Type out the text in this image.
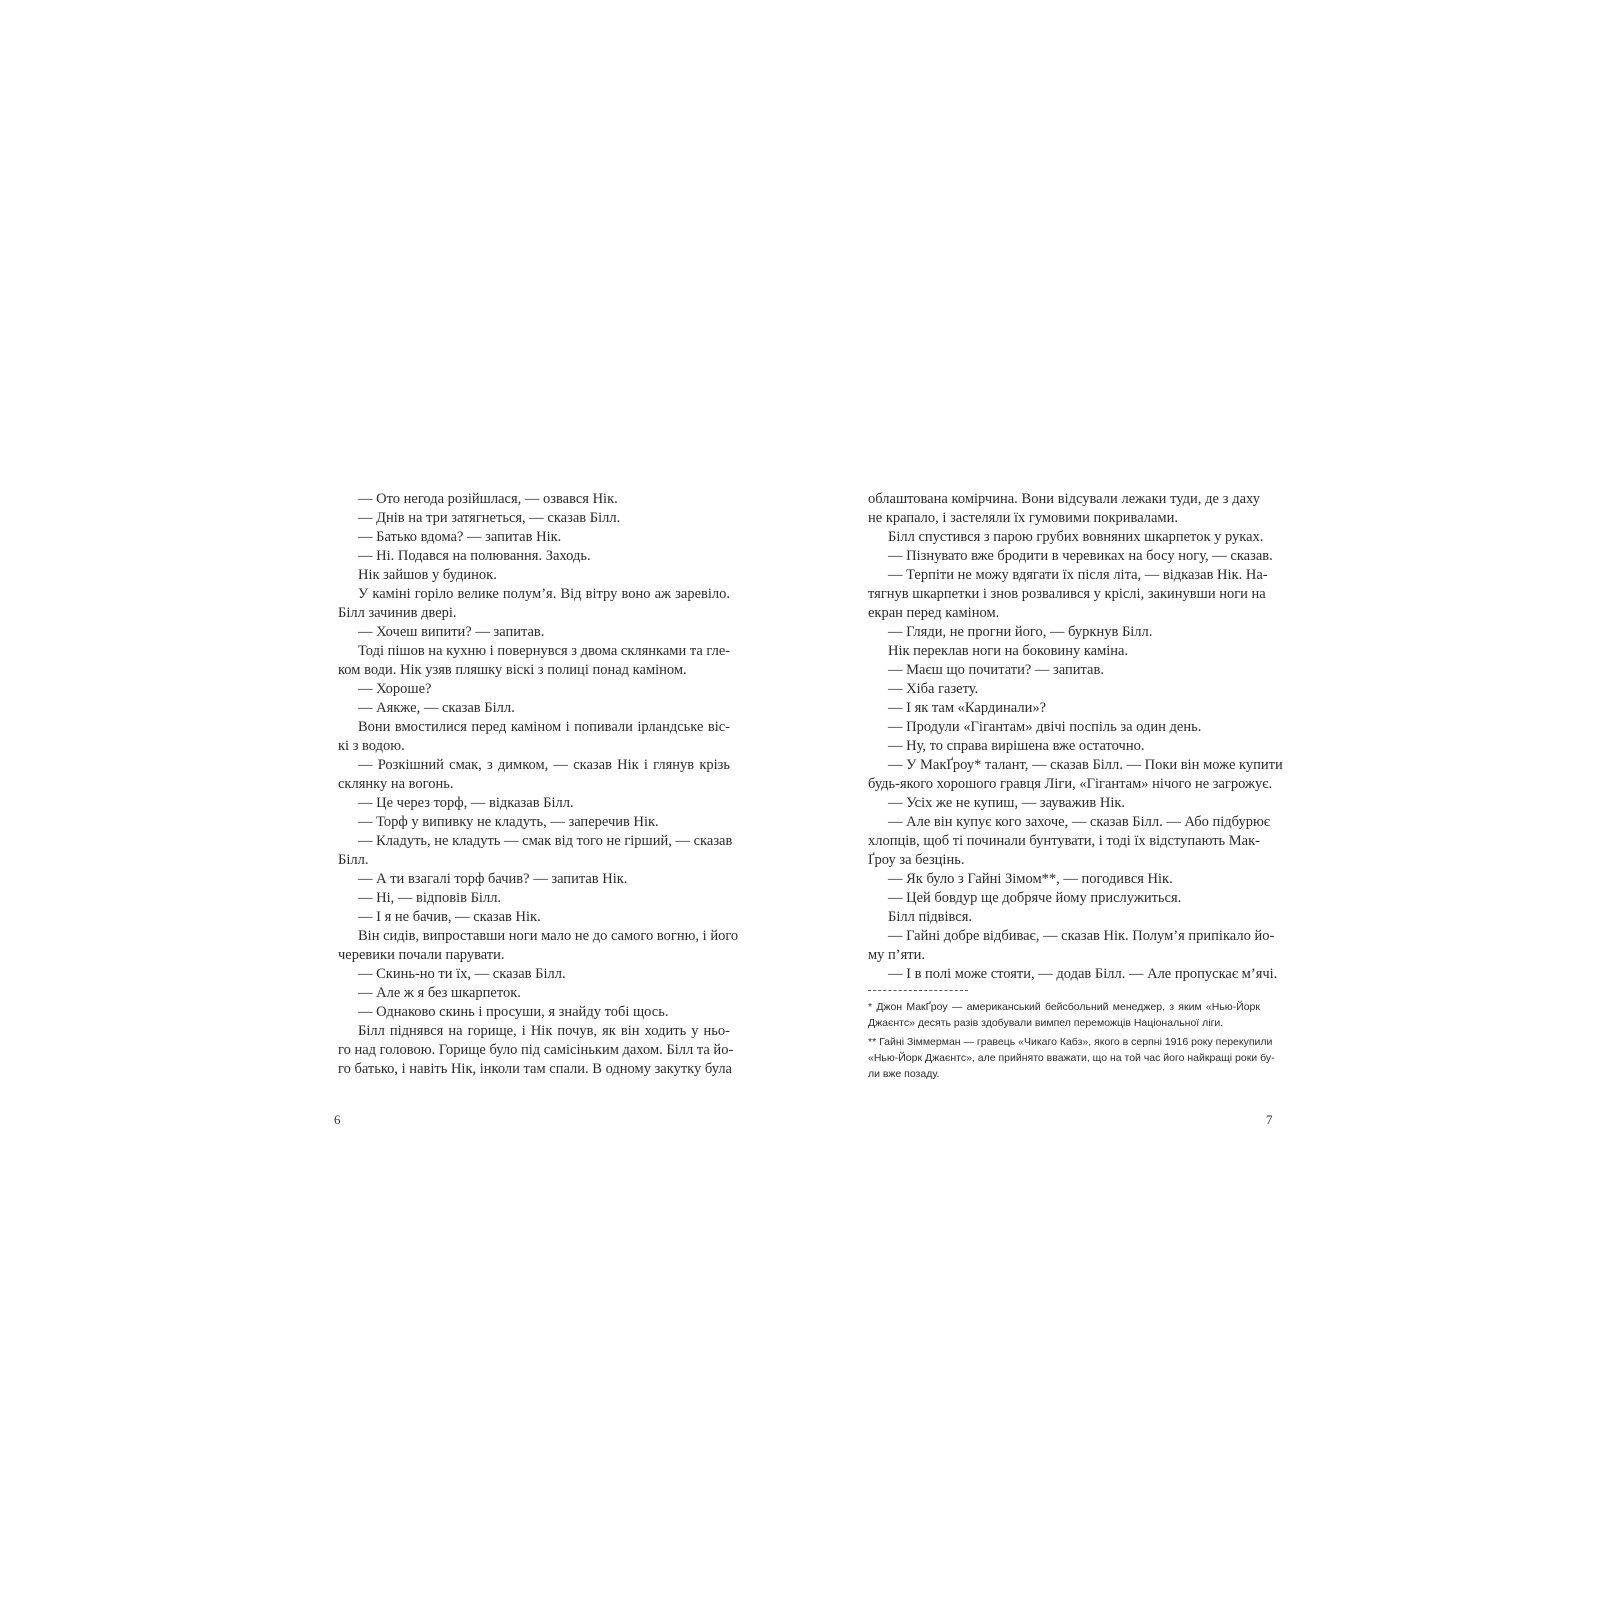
— Ото негода розійшлася, — озвався Нік.
— Днів на три затягнеться, — сказав Білл.
— Батько вдома? — запитав Нік.
— Ні. Подався на полювання. Заходь.
Нік зайшов у будинок.
У каміні горіло велике полум’я. Від вітру воно аж заревіло.
Білл зачинив двері.
— Хочеш випити? — запитав.
Тоді пішов на кухню і повернувся з двома склянками та гле-
ком води. Нік узяв пляшку віскі з полиці понад каміном.
— Хороше?
— Аякже, — сказав Білл.
Вони вмостилися перед каміном і попивали ірландське віс-
кі з водою.
— Розкішний смак, з димком, — сказав Нік і глянув крізь
склянку на вогонь.
— Це через торф, — відказав Білл.
— Торф у випивку не кладуть, — заперечив Нік.
— Кладуть, не кладуть — смак від того не гірший, — сказав
Білл.
— А ти взагалі торф бачив? — запитав Нік.
— Ні, — відповів Білл.
— І я не бачив, — сказав Нік.
Він сидів, випроставши ноги мало не до самого вогню, і його
черевики почали парувати.
— Скинь-но ти їх, — сказав Білл.
— Але ж я без шкарпеток.
— Однаково скинь і просуши, я знайду тобі щось.
Білл піднявся на горище, і Нік почув, як він ходить у ньо-
го над головою. Горище було під самісіньким дахом. Білл та йо-
го батько, і навіть Нік, інколи там спали. В одному закутку була
облаштована комірчина. Вони відсували лежаки туди, де з даху
не крапало, і застеляли їх гумовими покривалами.
Білл спустився з парою грубих вовняних шкарпеток у руках.
— Пізнувато вже бродити в черевиках на босу ногу, — сказав.
— Терпіти не можу вдягати їх після літа, — відказав Нік. На-
тягнув шкарпетки і знов розвалився у кріслі, закинувши ноги на
екран перед каміном.
— Гляди, не прогни його, — буркнув Білл.
Нік переклав ноги на боковину каміна.
— Маєш що почитати? — запитав.
— Хіба газету.
— І як там «Кардинали»?
— Продули «Гігантам» двічі поспіль за один день.
— Ну, то справа вирішена вже остаточно.
— У МакҐроу* талант, — сказав Білл. — Поки він може купити
будь-якого хорошого гравця Ліги, «Гігантам» нічого не загрожує.
— Усіх же не купиш, — зауважив Нік.
— Але він купує кого захоче, — сказав Білл. — Або підбурює
хлопців, щоб ті починали бунтувати, і тоді їх відступають Мак-
Ґроу за безцінь.
— Як було з Гайні Зімом**, — погодився Нік.
— Цей бовдур ще добряче йому прислужиться.
Білл підвівся.
— Гайні добре відбиває, — сказав Нік. Полум’я припікало йо-
му п’яти.
— І в полі може стояти, — додав Білл. — Але пропускає м’ячі.
* Джон МакҐроу — американський бейсбольний менеджер, з яким «Нью-Йорк
Джаєнтс» десять разів здобували вимпел переможців Національної ліги.
** Гайні Зіммерман — гравець «Чикаго Кабз», якого в серпні 1916 року перекупили
«Нью-Йорк Джаєнтс», але прийнято вважати, що на той час його найкращі роки бу-
ли вже позаду.
6	7
